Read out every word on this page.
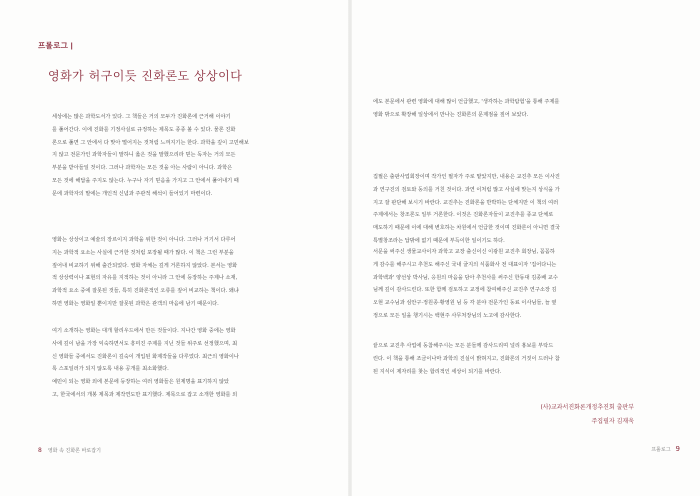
프롤로그 |
영화가 허구이듯 진화론도 상상이다
세상에는 많은 과학도서가 있다. 그 책들은 거의 모두가 진화론에 근거해 이야기
를 풀어간다. 이에 진화를 기정사실로 규정하는 제목도 종종 볼 수 있다. 물론 진화
론으로 풀면 그 안에서 다 맞아 떨어지는 것처럼 느껴지기는 한다. 과학을 깊이 고민해보
지 않고 전문가인 과학자들이 말하니 옳은 것을 말했으리라 믿는 독자는 거의 모든
부분을 받아들일 것이다. 그러나 과학자는 모든 것을 아는 사람이 아니다. 과학은
모든 것에 해답을 주지도 않는다. 누구나 자기 믿음을 가지고 그 안에서 풀어내기 때
문에 과학자의 말에는 개인적 신념과 주관적 해석이 들어있기 마련이다.
영화는 상상이고 예술의 장르이지 과학을 위한 것이 아니다. 그러나 거기서 다루어
지는 과학적 요소는 사실에 근거한 것처럼 포장될 때가 많다. 이 책은 그런 부분을
짚어내 비교하기 위해 출간되었다. 영화 자체는 깊게 거론하지 않았다. 본서는 영화
적 상상력이나 표현의 자유를 지적하는 것이 아니라 그 안에 등장하는 주제나 소재,
과학적 요소 중에 잘못된 것들, 특히 진화론적인 오류를 짚어 비교하는 책이다. 왜냐
하면 영화는 영화일 뿐이지만 잘못된 과학은 관객의 마음에 남기 때문이다.
여기 소개하는 영화는 대개 할리우드에서 만든 것들이다. 지나간 영화 중에는 영화
사에 깊이 남을 가장 익숙하면서도 흥미진 주제를 지닌 것들 위주로 선정했으며, 최
신 영화들 중에서도 진화론이 깊숙이 개입된 화제작들을 다루었다. 최근의 영화이나
록 스포일러가 되지 않도록 내용 공개를 최소화했다.
예민이 되는 영화 외에 본문에 등장하는 여러 영화들은 원제명을 표기하지 않았
고, 한국에서의 개봉 제목과 제작연도만 표기했다. 제목으로 잡고 소개한 영화를 외
8 영화 속 진화론 바로잡기
에도 본문에서 관련 영화에 대해 많이 언급했고, '생각하는 과학탐험'을 통해 주제를
영화 밖으로 확장해 일상에서 만나는 진화론의 문제점을 짚어 보았다.
집필은 출판사업회장이며 작가인 필자가 주로 맡았지만, 내용은 교진추 모든 이사진
과 연구진의 검토와 동의를 거친 것이다. 과연 이처럼 많고 사실에 맞는지 상식을 가
지고 잘 판단해 보시기 바란다. 교진추는 진화론을 반박하는 단체지만 이 책의 여러
주제에서는 창조론도 일부 거론한다. 이것은 진화론자들이 교진추를 종교 단체로
매도하기 때문에 이에 대해 변호하는 차원에서 언급한 것이며 진화론이 아니면 결국
특별창조라는 답밖에 없기 때문에 부득이한 일이기도 하다.
서문을 써주신 생물교사이자 과학고 교장 출신이신 이광원 교진추 회장님, 꼼꼼하
게 감수를 해주시고 추천도 해주신 국내 굴지의 식품화사 전 대표이자 '집어다니는
과학백과' 양선상 박사님, 응원의 마음을 담아 추천사를 써주신 한동대 김종배 교수
님께 깊이 감사드린다. 또한 함께 검토하고 교정에 참여해주신 교진추 연구소장 김
오현 교수님과 심안구·정원종·황영원 님 등 각 분야 전문가인 동료 이사님들, 늘 옆
정으로 모든 일을 챙기시는 백현주 사무처장님의 노고에 감사한다.
끝으로 교진추 사업에 동참해주시는 모든 분들께 감사드리며 널리 홍보를 부탁드
린다. 이 책을 통해 조금이나마 과학의 진실이 밝혀지고, 진화론의 거짓이 드러나 참
된 지식이 제자리를 찾는 합리적인 세상이 되기를 바란다.
(사)교과서진화론개정추진회 출판부
주집필자 김재욱
프롤로그 9
